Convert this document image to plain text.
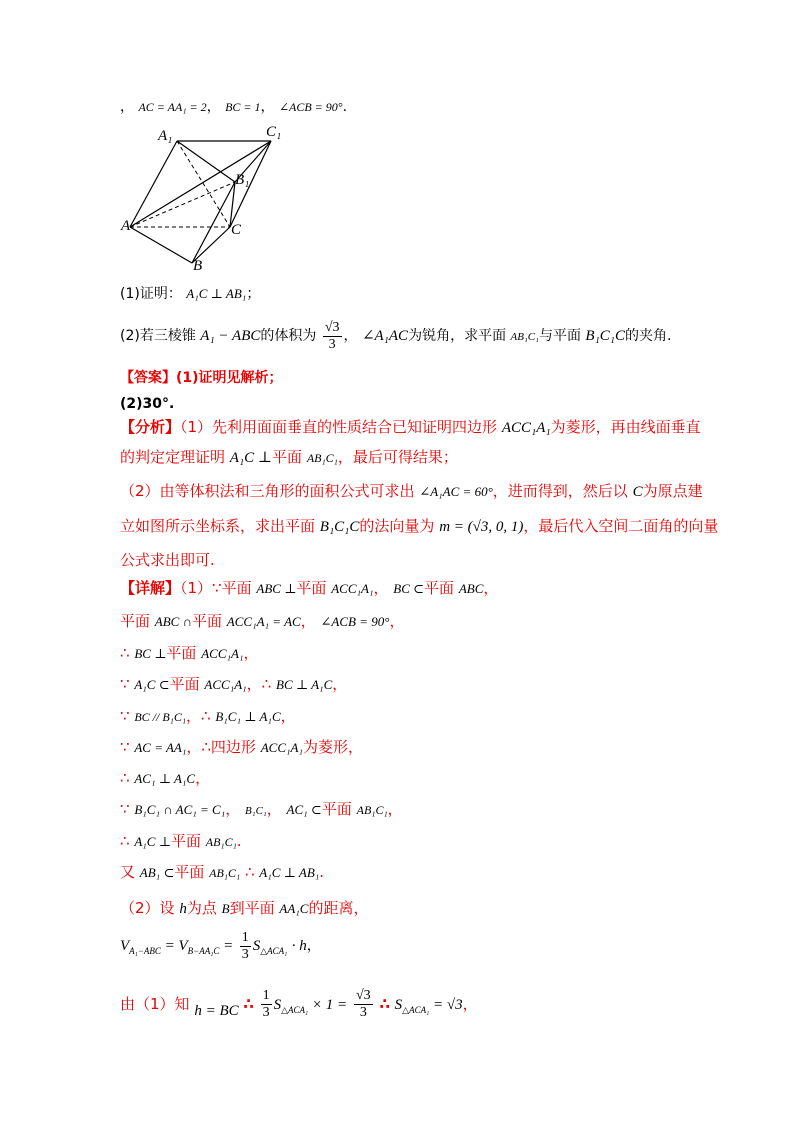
， AC = AA₁ = 2， BC = 1， ∠ACB = 90°.
A₁	C₁
B₁
A	C
B
(1)证明： A₁C ⊥ AB₁；
(2)若三棱锥 A₁ − ABC的体积为 $\frac{√3}{3}$ ， ∠A₁AC为锐角，求平面 AB₁C₁与平面 B₁C₁C的夹角.
【答案】(1)证明见解析；
(2)30°.
【分析】（1）先利用面面垂直的性质结合已知证明四边形 ACC₁A₁为菱形，再由线面垂直
的判定定理证明 A₁C ⊥平面 AB₁C₁，最后可得结果；
（2）由等体积法和三角形的面积公式可求出 ∠A₁AC = 60°，进而得到，然后以 C为原点建
立如图所示坐标系，求出平面 B₁C₁C的法向量为 m = (√3, 0, 1)，最后代入空间二面角的向量
公式求出即可.
【详解】（1）∵平面 ABC ⊥平面 ACC₁A₁， BC ⊂平面 ABC，
平面 ABC ∩平面 ACC₁A₁ = AC， ∠ACB = 90°，
∴ BC ⊥平面 ACC₁A₁，
∵ A₁C ⊂平面 ACC₁A₁，∴ BC ⊥ A₁C，
∵ BC // B₁C₁，∴ B₁C₁ ⊥ A₁C，
∵ AC = AA₁，∴四边形 ACC₁A₁为菱形，
∴ AC₁ ⊥ A₁C，
∵ B₁C₁ ∩ AC₁ = C₁， B₁C₁， AC₁ ⊂平面 AB₁C₁，
∴ A₁C ⊥平面 AB₁C₁.
又 AB₁ ⊂平面 AB₁C₁ ∴ A₁C ⊥ AB₁.
（2）设 h为点 B到平面 AA₁C的距离，
$V_{A_1-ABC} = V_{B-AA_1C} = \frac{1}{3} S_{\triangle ACA_1} \cdot h$，
由（1）知 h = BC ∴ $\frac{1}{3} S_{\triangle ACA_1} \times 1 = \frac{√3}{3}$ ∴ $S_{\triangle ACA_1} = √3$，
